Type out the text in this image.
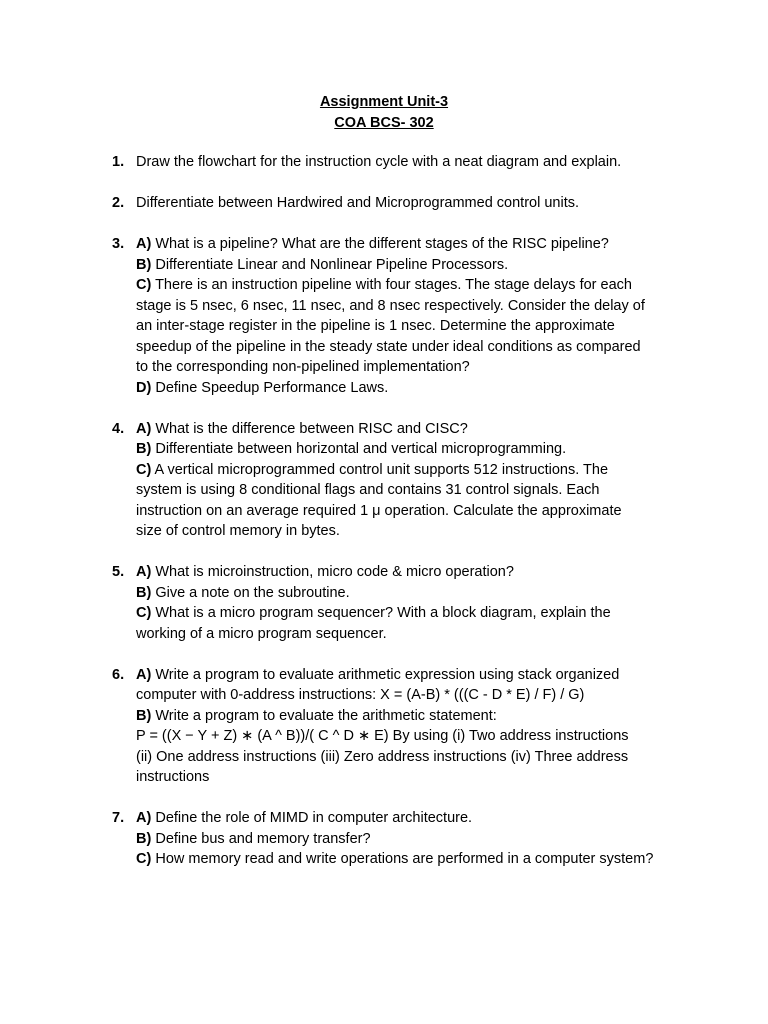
Assignment Unit-3
COA BCS- 302
1. Draw the flowchart for the instruction cycle with a neat diagram and explain.
2. Differentiate between Hardwired and Microprogrammed control units.
3. A) What is a pipeline? What are the different stages of the RISC pipeline?
B) Differentiate Linear and Nonlinear Pipeline Processors.
C) There is an instruction pipeline with four stages. The stage delays for each
stage is 5 nsec, 6 nsec, 11 nsec, and 8 nsec respectively. Consider the delay of
an inter-stage register in the pipeline is 1 nsec. Determine the approximate
speedup of the pipeline in the steady state under ideal conditions as compared
to the corresponding non-pipelined implementation?
D) Define Speedup Performance Laws.
4. A) What is the difference between RISC and CISC?
B) Differentiate between horizontal and vertical microprogramming.
C) A vertical microprogrammed control unit supports 512 instructions. The
system is using 8 conditional flags and contains 31 control signals. Each
instruction on an average required 1 μ operation. Calculate the approximate
size of control memory in bytes.
5. A) What is microinstruction, micro code & micro operation?
B) Give a note on the subroutine.
C) What is a micro program sequencer? With a block diagram, explain the
working of a micro program sequencer.
6. A) Write a program to evaluate arithmetic expression using stack organized
computer with 0-address instructions: X = (A-B) * (((C - D * E) / F) / G)
B) Write a program to evaluate the arithmetic statement:
P = ((X − Y + Z) ∗ (A ^ B))/( C ^ D ∗ E) By using (i) Two address instructions
(ii) One address instructions (iii) Zero address instructions (iv) Three address
instructions
7. A) Define the role of MIMD in computer architecture.
B) Define bus and memory transfer?
C) How memory read and write operations are performed in a computer system?
